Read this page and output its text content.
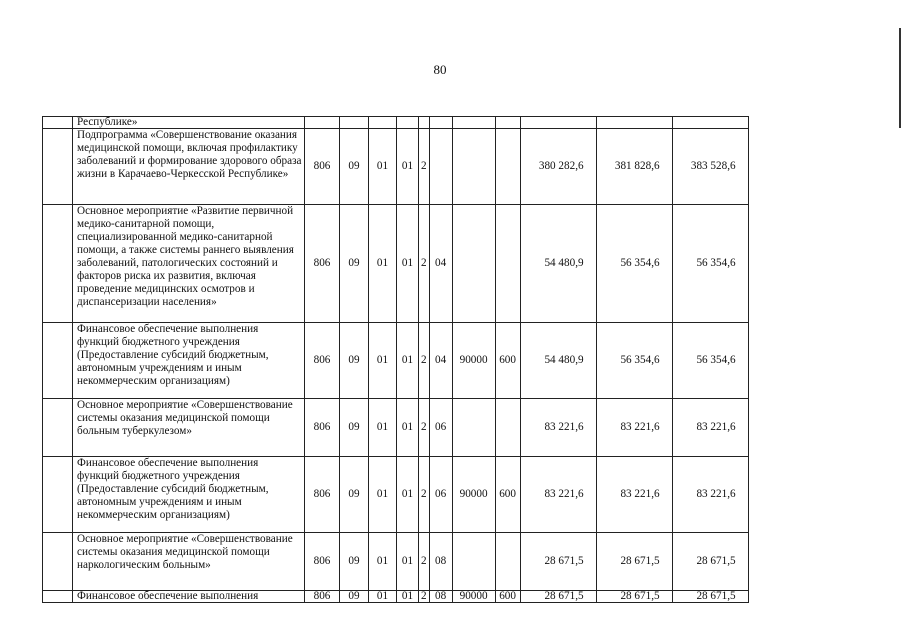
80
	Республике»											
	Подпрограмма «Совершенствование оказания медицинской помощи, включая профилактику заболеваний и формирование здорового образа жизни в Карачаево-Черкесской Республике»	806	09	01	01	2				380 282,6	381 828,6	383 528,6
	Основное мероприятие «Развитие первичной медико-санитарной помощи, специализированной медико-санитарной помощи, а также системы раннего выявления заболеваний, патологических состояний и факторов риска их развития, включая проведение медицинских осмотров и диспансеризации населения»	806	09	01	01	2	04			54 480,9	56 354,6	56 354,6
	Финансовое обеспечение выполнения функций бюджетного учреждения (Предоставление субсидий бюджетным, автономным учреждениям и иным некоммерческим организациям)	806	09	01	01	2	04	90000	600	54 480,9	56 354,6	56 354,6
	Основное мероприятие «Совершенствование системы оказания медицинской помощи больным туберкулезом»	806	09	01	01	2	06			83 221,6	83 221,6	83 221,6
	Финансовое обеспечение выполнения функций бюджетного учреждения (Предоставление субсидий бюджетным, автономным учреждениям и иным некоммерческим организациям)	806	09	01	01	2	06	90000	600	83 221,6	83 221,6	83 221,6
	Основное мероприятие «Совершенствование системы оказания медицинской помощи наркологическим больным»	806	09	01	01	2	08			28 671,5	28 671,5	28 671,5
	Финансовое обеспечение выполнения	806	09	01	01	2	08	90000	600	28 671,5	28 671,5	28 671,5
